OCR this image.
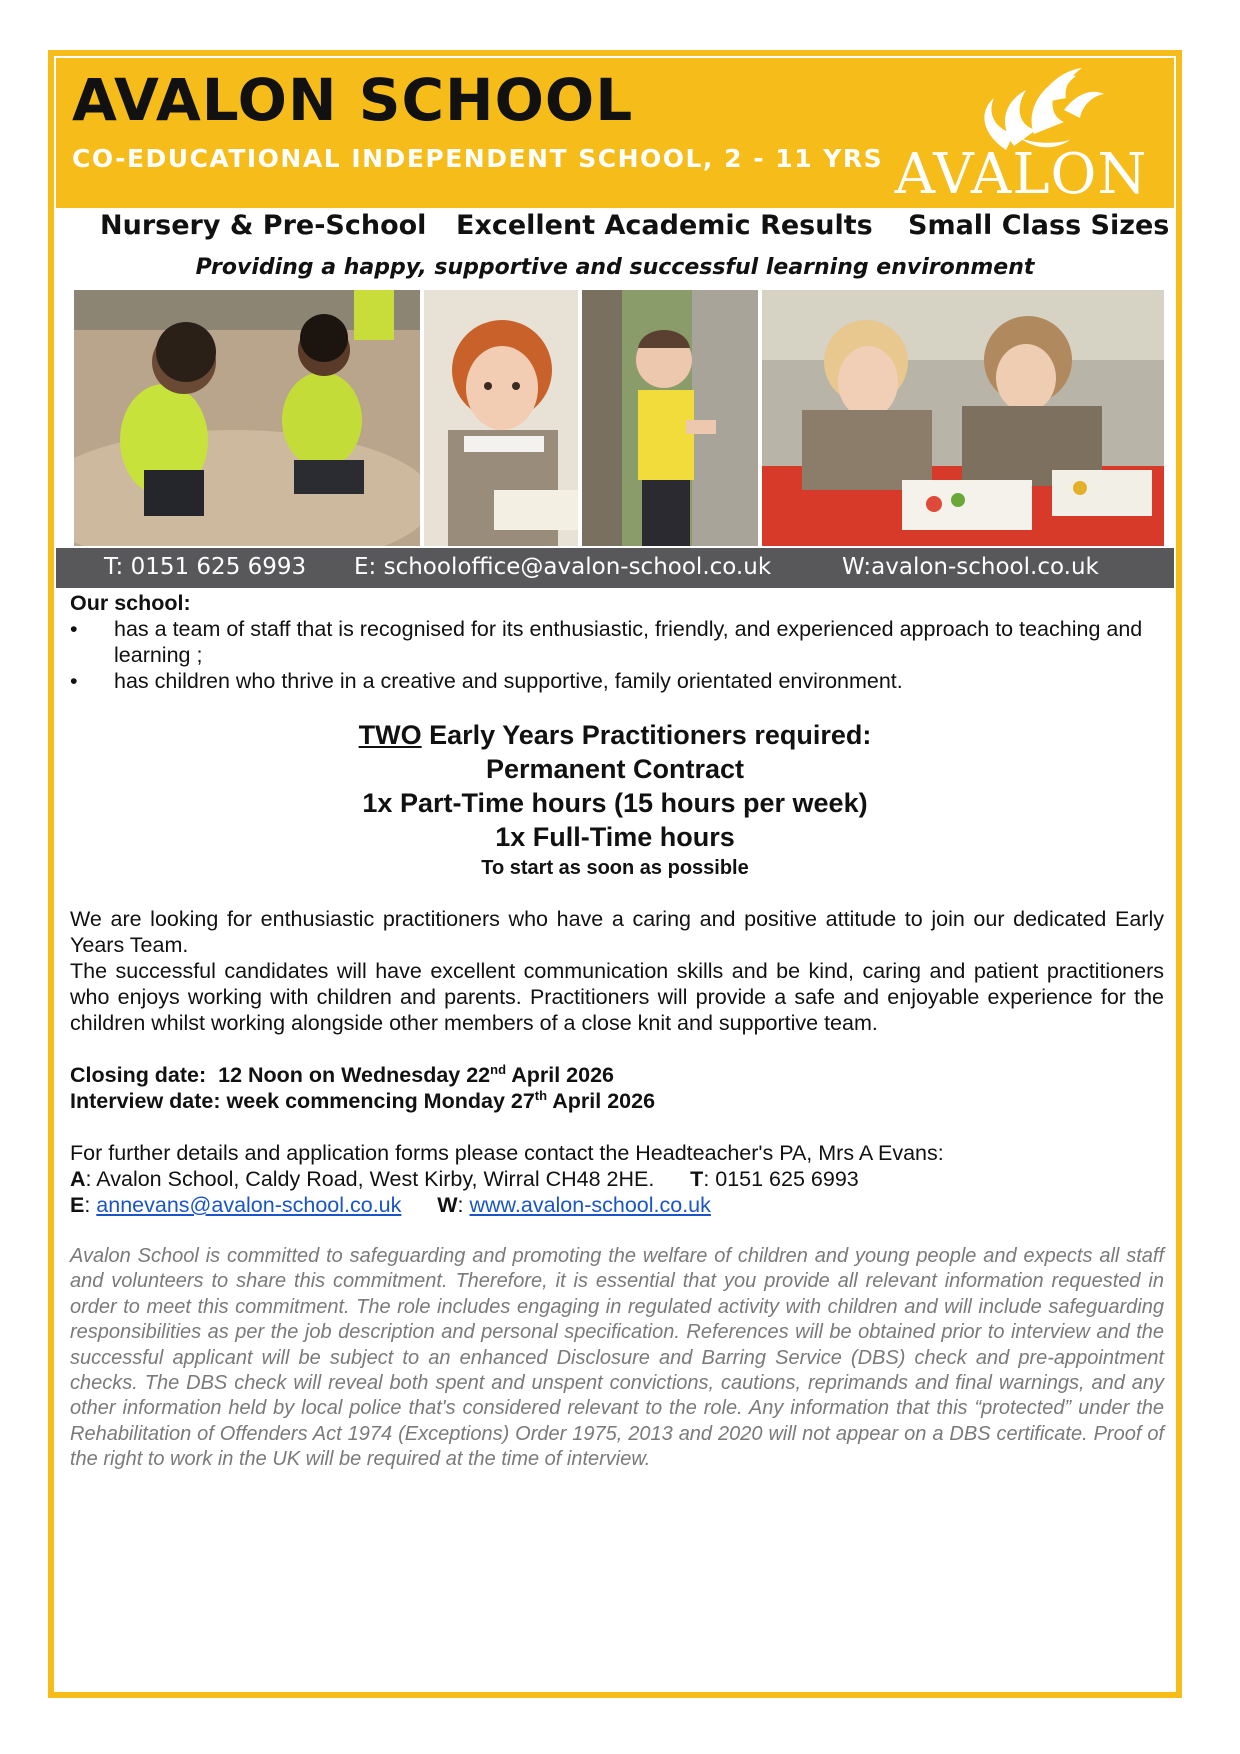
AVALON SCHOOL
CO-EDUCATIONAL INDEPENDENT SCHOOL, 2 - 11 YRS AVALON
Nursery & Pre-School Excellent Academic Results Small Class Sizes
Providing a happy, supportive and successful learning environment
T: 0151 625 6993 E: schooloffice@avalon-school.co.uk	W:avalon-school.co.uk
Our school:
• has a team of staff that is recognised for its enthusiastic, friendly, and experienced approach to teaching and learning ;
• has children who thrive in a creative and supportive, family orientated environment.
TWO Early Years Practitioners required:
Permanent Contract
1x Part-Time hours (15 hours per week)
1x Full-Time hours
To start as soon as possible
We are looking for enthusiastic practitioners who have a caring and positive attitude to join our dedicated Early Years Team.
The successful candidates will have excellent communication skills and be kind, caring and patient practitioners who enjoys working with children and parents. Practitioners will provide a safe and enjoyable experience for the children whilst working alongside other members of a close knit and supportive team.
Closing date: 12 Noon on Wednesday 22nd April 2026
Interview date: week commencing Monday 27th April 2026
For further details and application forms please contact the Headteacher's PA, Mrs A Evans:
A: Avalon School, Caldy Road, West Kirby, Wirral CH48 2HE. T: 0151 625 6993
E: annevans@avalon-school.co.uk W: www.avalon-school.co.uk
Avalon School is committed to safeguarding and promoting the welfare of children and young people and expects all staff and volunteers to share this commitment. Therefore, it is essential that you provide all relevant information requested in order to meet this commitment. The role includes engaging in regulated activity with children and will include safeguarding responsibilities as per the job description and personal specification. References will be obtained prior to interview and the successful applicant will be subject to an enhanced Disclosure and Barring Service (DBS) check and pre-appointment checks. The DBS check will reveal both spent and unspent convictions, cautions, reprimands and final warnings, and any other information held by local police that's considered relevant to the role. Any information that this “protected” under the Rehabilitation of Offenders Act 1974 (Exceptions) Order 1975, 2013 and 2020 will not appear on a DBS certificate. Proof of the right to work in the UK will be required at the time of interview.
